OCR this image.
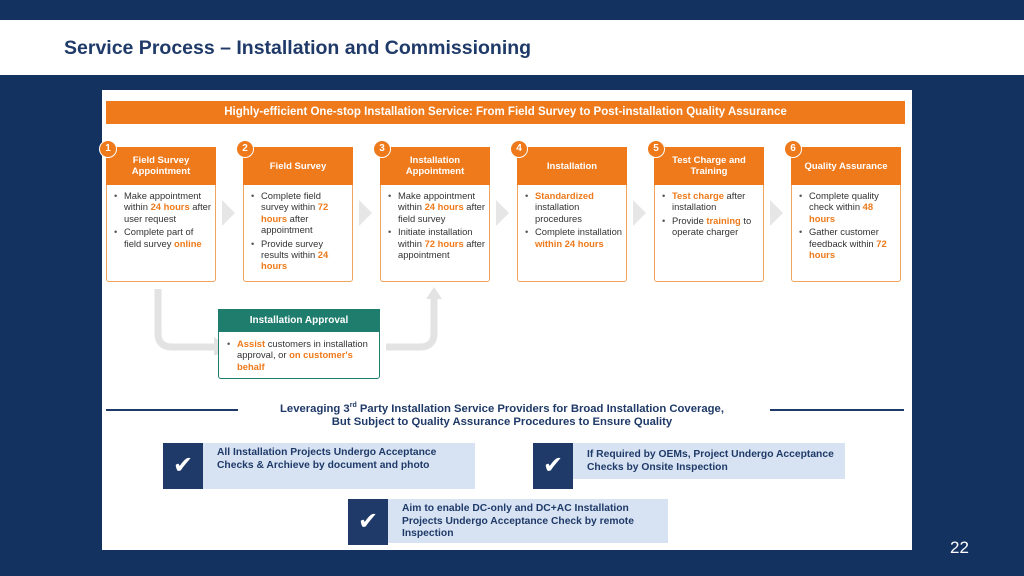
Service Process – Installation and Commissioning
Highly-efficient One-stop Installation Service: From Field Survey to Post-installation Quality Assurance
Field Survey Appointment
1
• Make appointment within 24 hours after user request
• Complete part of field survey online
Field Survey
2
• Complete field survey within 72 hours after appointment
• Provide survey results within 24 hours
Installation Appointment
3
• Make appointment within 24 hours after field survey
• Initiate installation within 72 hours after appointment
Installation
4
• Standardized installation procedures
• Complete installation within 24 hours
Test Charge and Training
5
• Test charge after installation
• Provide training to operate charger
Quality Assurance
6
• Complete quality check within 48 hours
• Gather customer feedback within 72 hours
Installation Approval
• Assist customers in installation approval, or on customer's behalf
Leveraging 3rd Party Installation Service Providers for Broad Installation Coverage,
But Subject to Quality Assurance Procedures to Ensure Quality
✔	All Installation Projects Undergo Acceptance Checks & Archieve by document and photo	✔	If Required by OEMs, Project Undergo Acceptance Checks by Onsite Inspection
✔	Aim to enable DC-only and DC+AC Installation Projects Undergo Acceptance Check by remote Inspection
22
